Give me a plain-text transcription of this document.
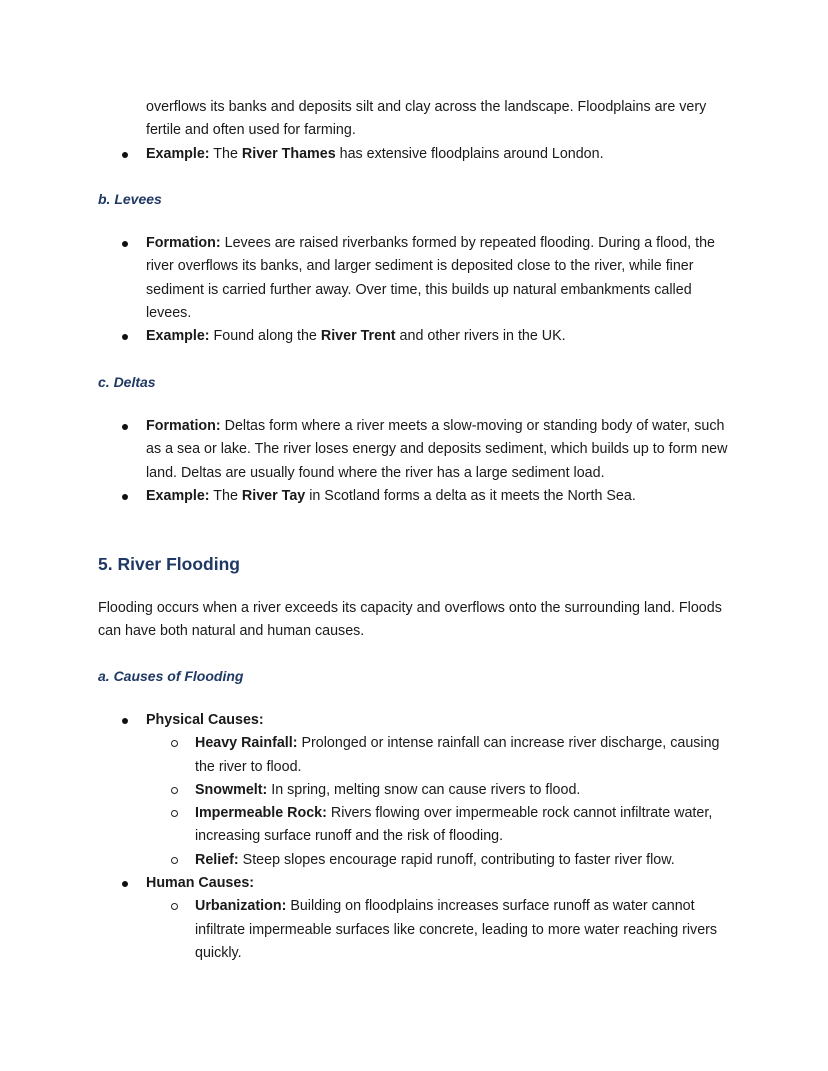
overflows its banks and deposits silt and clay across the landscape. Floodplains are very fertile and often used for farming.
Example: The River Thames has extensive floodplains around London.
b. Levees
Formation: Levees are raised riverbanks formed by repeated flooding. During a flood, the river overflows its banks, and larger sediment is deposited close to the river, while finer sediment is carried further away. Over time, this builds up natural embankments called levees.
Example: Found along the River Trent and other rivers in the UK.
c. Deltas
Formation: Deltas form where a river meets a slow-moving or standing body of water, such as a sea or lake. The river loses energy and deposits sediment, which builds up to form new land. Deltas are usually found where the river has a large sediment load.
Example: The River Tay in Scotland forms a delta as it meets the North Sea.
5. River Flooding

Flooding occurs when a river exceeds its capacity and overflows onto the surrounding land. Floods can have both natural and human causes.

a. Causes of Flooding
Physical Causes:
Heavy Rainfall: Prolonged or intense rainfall can increase river discharge, causing the river to flood.
Snowmelt: In spring, melting snow can cause rivers to flood.
Impermeable Rock: Rivers flowing over impermeable rock cannot infiltrate water, increasing surface runoff and the risk of flooding.
Relief: Steep slopes encourage rapid runoff, contributing to faster river flow.
Human Causes:
Urbanization: Building on floodplains increases surface runoff as water cannot infiltrate impermeable surfaces like concrete, leading to more water reaching rivers quickly.
